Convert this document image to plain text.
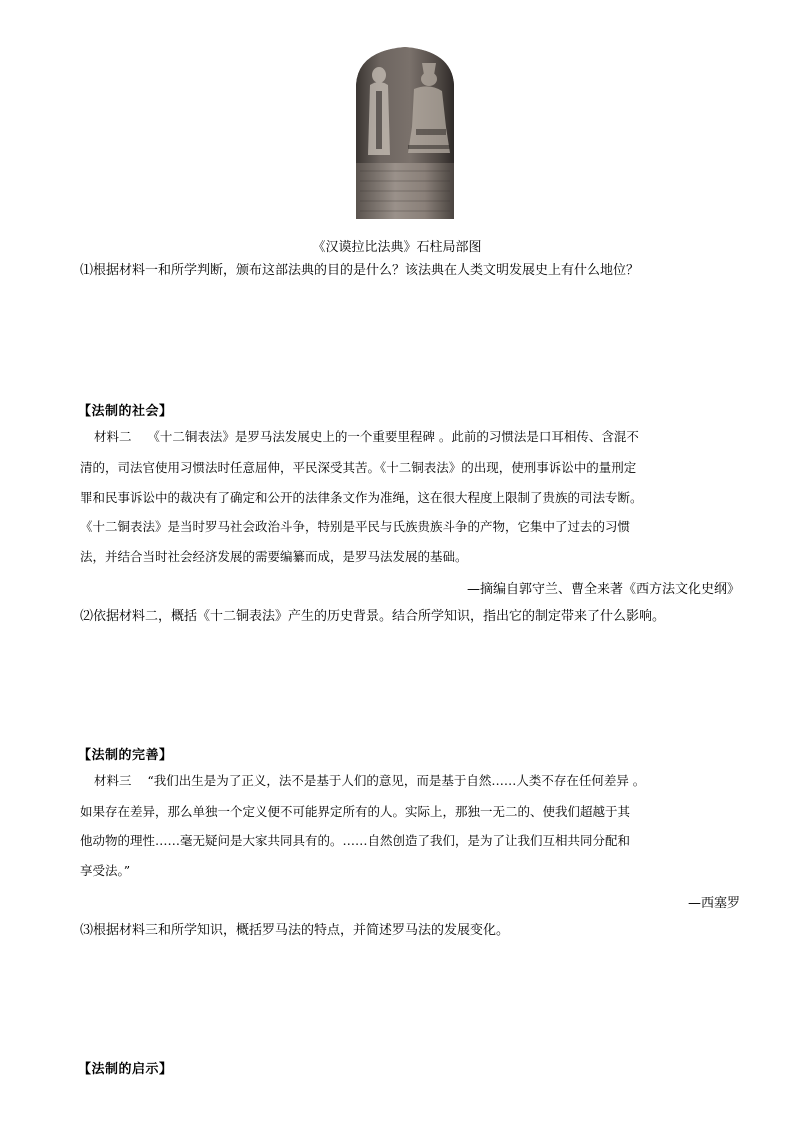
《汉谟拉比法典》石柱局部图
⑴根据材料一和所学判断，颁布这部法典的目的是什么？该法典在人类文明发展史上有什么地位？
【法制的社会】
材料二 《十二铜表法》是罗马法发展史上的一个重要里程碑 。此前的习惯法是口耳相传、含混不
清的，司法官使用习惯法时任意屈伸，平民深受其苦。《十二铜表法》的出现，使刑事诉讼中的量刑定
罪和民事诉讼中的裁决有了确定和公开的法律条文作为准绳，这在很大程度上限制了贵族的司法专断。
《十二铜表法》是当时罗马社会政治斗争，特别是平民与氏族贵族斗争的产物，它集中了过去的习惯
法，并结合当时社会经济发展的需要编纂而成，是罗马法发展的基础。
—摘编自郭守兰、曹全来著《西方法文化史纲》
⑵依据材料二，概括《十二铜表法》产生的历史背景。结合所学知识，指出它的制定带来了什么影响。
【法制的完善】
材料三 “我们出生是为了正义，法不是基于人们的意见，而是基于自然……人类不存在任何差异 。
如果存在差异，那么单独一个定义便不可能界定所有的人。实际上，那独一无二的、使我们超越于其
他动物的理性……毫无疑问是大家共同具有的。……自然创造了我们，是为了让我们互相共同分配和
享受法。”
—西塞罗
⑶根据材料三和所学知识，概括罗马法的特点，并简述罗马法的发展变化。
【法制的启示】
